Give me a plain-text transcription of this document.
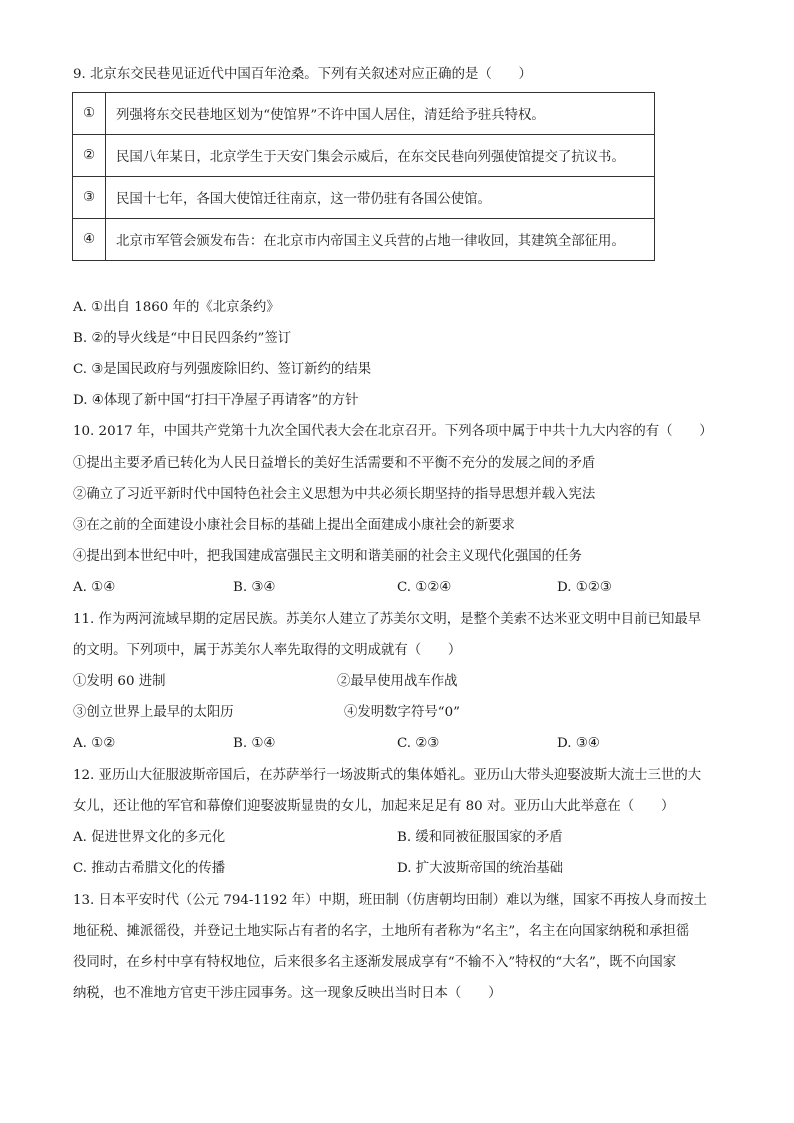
9. 北京东交民巷见证近代中国百年沧桑。下列有关叙述对应正确的是（　　）
①	列强将东交民巷地区划为“使馆界”不许中国人居住，清廷给予驻兵特权。
②	民国八年某日，北京学生于天安门集会示威后，在东交民巷向列强使馆提交了抗议书。
③	民国十七年，各国大使馆迁往南京，这一带仍驻有各国公使馆。
④	北京市军管会颁发布告：在北京市内帝国主义兵营的占地一律收回，其建筑全部征用。
A. ①出自 1860 年的《北京条约》
B. ②的导火线是“中日民四条约”签订
C. ③是国民政府与列强废除旧约、签订新约的结果
D. ④体现了新中国“打扫干净屋子再请客”的方针
10. 2017 年，中国共产党第十九次全国代表大会在北京召开。下列各项中属于中共十九大内容的有（　　）
①提出主要矛盾已转化为人民日益增长的美好生活需要和不平衡不充分的发展之间的矛盾
②确立了习近平新时代中国特色社会主义思想为中共必须长期坚持的指导思想并载入宪法
③在之前的全面建设小康社会目标的基础上提出全面建成小康社会的新要求
④提出到本世纪中叶，把我国建成富强民主文明和谐美丽的社会主义现代化强国的任务
A. ①④	B. ③④	C. ①②④	D. ①②③
11. 作为两河流域早期的定居民族。苏美尔人建立了苏美尔文明，是整个美索不达米亚文明中目前已知最早
的文明。下列项中，属于苏美尔人率先取得的文明成就有（　　）
①发明 60 进制	②最早使用战车作战
③创立世界上最早的太阳历	④发明数字符号“0”
A. ①②	B. ①④	C. ②③	D. ③④
12. 亚历山大征服波斯帝国后，在苏萨举行一场波斯式的集体婚礼。亚历山大带头迎娶波斯大流士三世的大
女儿，还让他的军官和幕僚们迎娶波斯显贵的女儿，加起来足足有 80 对。亚历山大此举意在（　　）
A. 促进世界文化的多元化	B. 缓和同被征服国家的矛盾
C. 推动古希腊文化的传播	D. 扩大波斯帝国的统治基础
13. 日本平安时代（公元 794-1192 年）中期，班田制（仿唐朝均田制）难以为继，国家不再按人身而按土
地征税、摊派徭役，并登记土地实际占有者的名字，土地所有者称为“名主”，名主在向国家纳税和承担徭
役同时，在乡村中享有特权地位，后来很多名主逐渐发展成享有“不输不入”特权的“大名”，既不向国家
纳税，也不准地方官吏干涉庄园事务。这一现象反映出当时日本（　　）
